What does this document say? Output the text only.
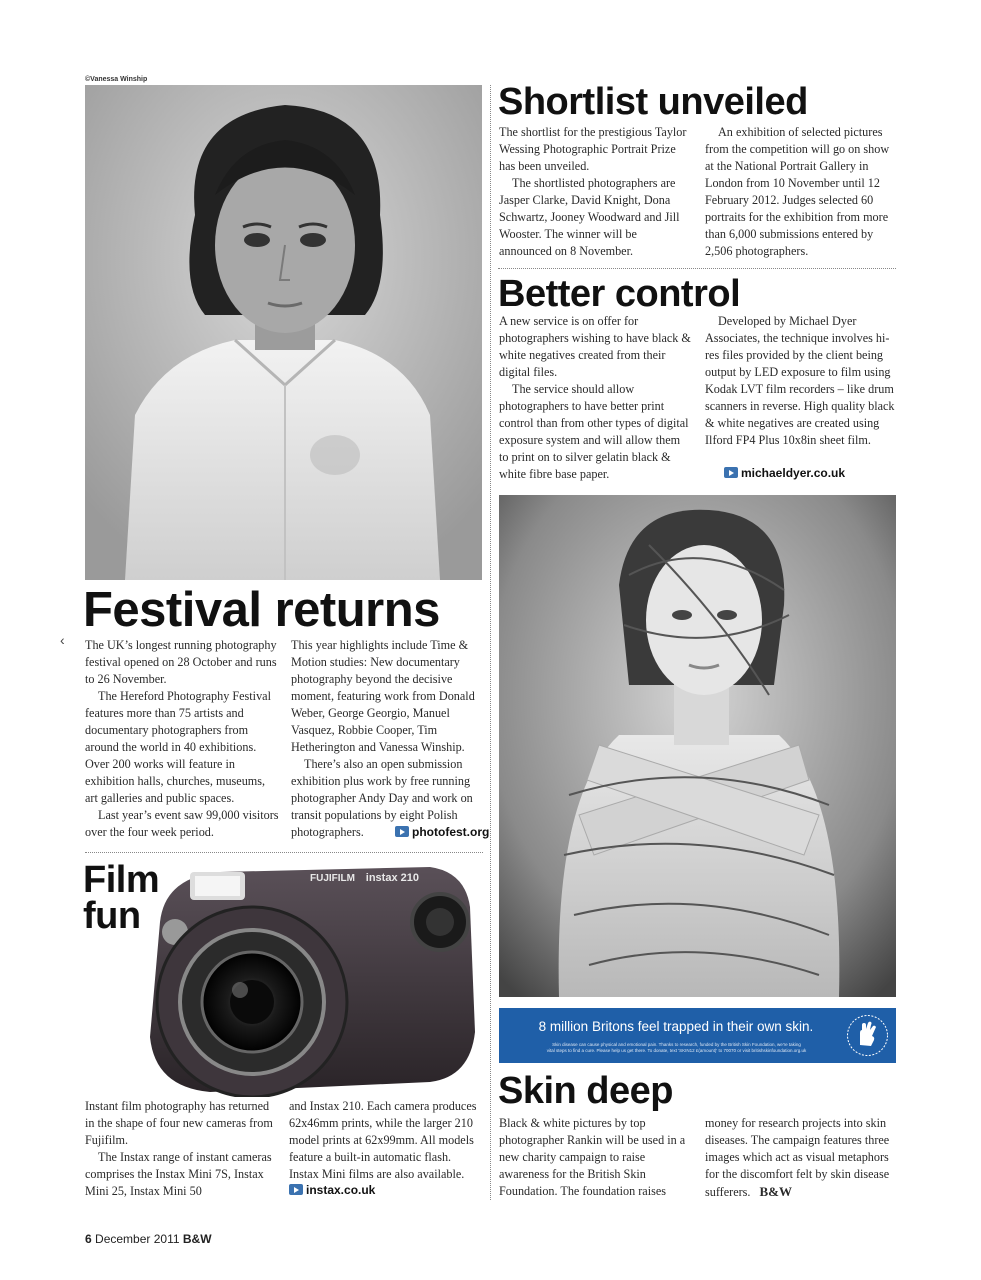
©Vanessa Winship
Shortlist unveiled

The shortlist for the prestigious Taylor Wessing Photographic Portrait Prize has been unveiled.

The shortlisted photographers are Jasper Clarke, David Knight, Dona Schwartz, Jooney Woodward and Jill Wooster. The winner will be announced on 8 November.

An exhibition of selected pictures from the competition will go on show at the National Portrait Gallery in London from 10 November until 12 February 2012. Judges selected 60 portraits for the exhibition from more than 6,000 submissions entered by 2,506 photographers.

Better control

A new service is on offer for photographers wishing to have black & white negatives created from their digital files.

The service should allow photographers to have better print control than from other types of digital exposure system and will allow them to print on to silver gelatin black & white fibre base paper.

Developed by Michael Dyer Associates, the technique involves hi-res files provided by the client being output by LED exposure to film using Kodak LVT film recorders – like drum scanners in reverse. High quality black & white negatives are created using Ilford FP4 Plus 10x8in sheet film.

michaeldyer.co.uk
Festival returns
‹ The UK’s longest running photography festival opened on 28 October and runs to 26 November.

The Hereford Photography Festival features more than 75 artists and documentary photographers from around the world in 40 exhibitions. Over 200 works will feature in exhibition halls, churches, museums, art galleries and public spaces.

Last year’s event saw 99,000 visitors over the four week period.

This year highlights include Time & Motion studies: New documentary photography beyond the decisive moment, featuring work from Donald Weber, George Georgio, Manuel Vasquez, Robbie Cooper, Tim Hetherington and Vanessa Winship.

There’s also an open submission exhibition plus work by free running photographer Andy Day and work on transit populations by eight Polish photographers.	photofest.org
Film
fun
FUJIFILM instax 210

Instant film photography has returned in the shape of four new cameras from Fujifilm.

The Instax range of instant cameras comprises the Instax Mini 7S, Instax Mini 25, Instax Mini 50

and Instax 210. Each camera produces 62x46mm prints, while the larger 210 model prints at 62x99mm. All models feature a built-in automatic flash. Instax Mini films are also available.

instax.co.uk
8 million Britons feel trapped in their own skin.
Skin disease can cause physical and emotional pain. Thanks to research, funded by the British Skin Foundation, we're taking
vital steps to find a cure. Please help us get there. To donate, text 'SKIN12 £(amount)' to 70070 or visit britishskinfoundation.org.uk
Skin deep

Black & white pictures by top photographer Rankin will be used in a new charity campaign to raise awareness for the British Skin Foundation. The foundation raises

money for research projects into skin diseases. The campaign features three images which act as visual metaphors for the discomfort felt by skin disease sufferers. B&W
6 December 2011 B&W
